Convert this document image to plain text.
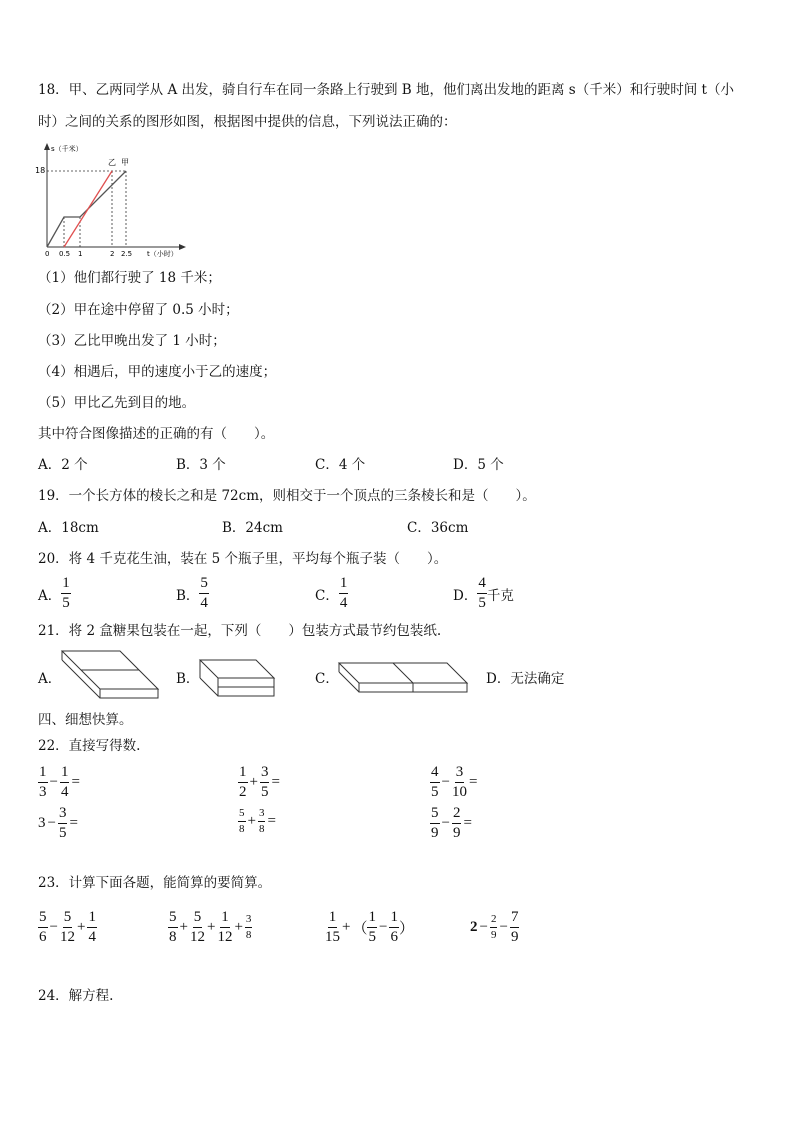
18．甲、乙两同学从 A 出发，骑自行车在同一条路上行驶到 B 地，他们离出发地的距离 s（千米）和行驶时间 t（小
时）之间的关系的图形如图，根据图中提供的信息，下列说法正确的：
s（千米）
t（小时）
18
乙 甲
0 0.5 1	2 2.5
（1）他们都行驶了 18 千米；
（2）甲在途中停留了 0.5 小时；
（3）乙比甲晚出发了 1 小时；
（4）相遇后，甲的速度小于乙的速度；
（5）甲比乙先到目的地。
其中符合图像描述的正确的有（　　）。
A．2 个	B．3 个	C．4 个	D．5 个
19．一个长方体的棱长之和是 72cm，则相交于一个顶点的三条棱长和是（　　）。
A．18cm	B．24cm	C．36cm
20．将 4 千克花生油，装在 5 个瓶子里，平均每个瓶子装（　　）。
A． $\frac{1}{5}$	B． $\frac{5}{4}$	C． $\frac{1}{4}$	D． $\frac{4}{5}$ 千克
21．将 2 盒糖果包装在一起，下列（　　）包装方式最节约包装纸.
A．	B．	C．	D．无法确定
四、细想快算。
22．直接写得数.
$\frac{1}{3} - \frac{1}{4}$ =	$\frac{1}{2} + \frac{3}{5}$ =	$\frac{4}{5} - \frac{3}{10}$ =
$3 - \frac{3}{5}$ =	$\frac{5}{8} + \frac{3}{8}$ =	$\frac{5}{9} - \frac{2}{9}$ =
23．计算下面各题，能简算的要简算。
$\frac{5}{6} - \frac{5}{12} + \frac{1}{4}$	$\frac{5}{8} + \frac{5}{12} + \frac{1}{12} + \frac{3}{8}$	$\frac{1}{15}$ + （ $\frac{1}{5} - \frac{1}{6}$ ）	$2 - \frac{2}{9} - \frac{7}{9}$
24．解方程.
